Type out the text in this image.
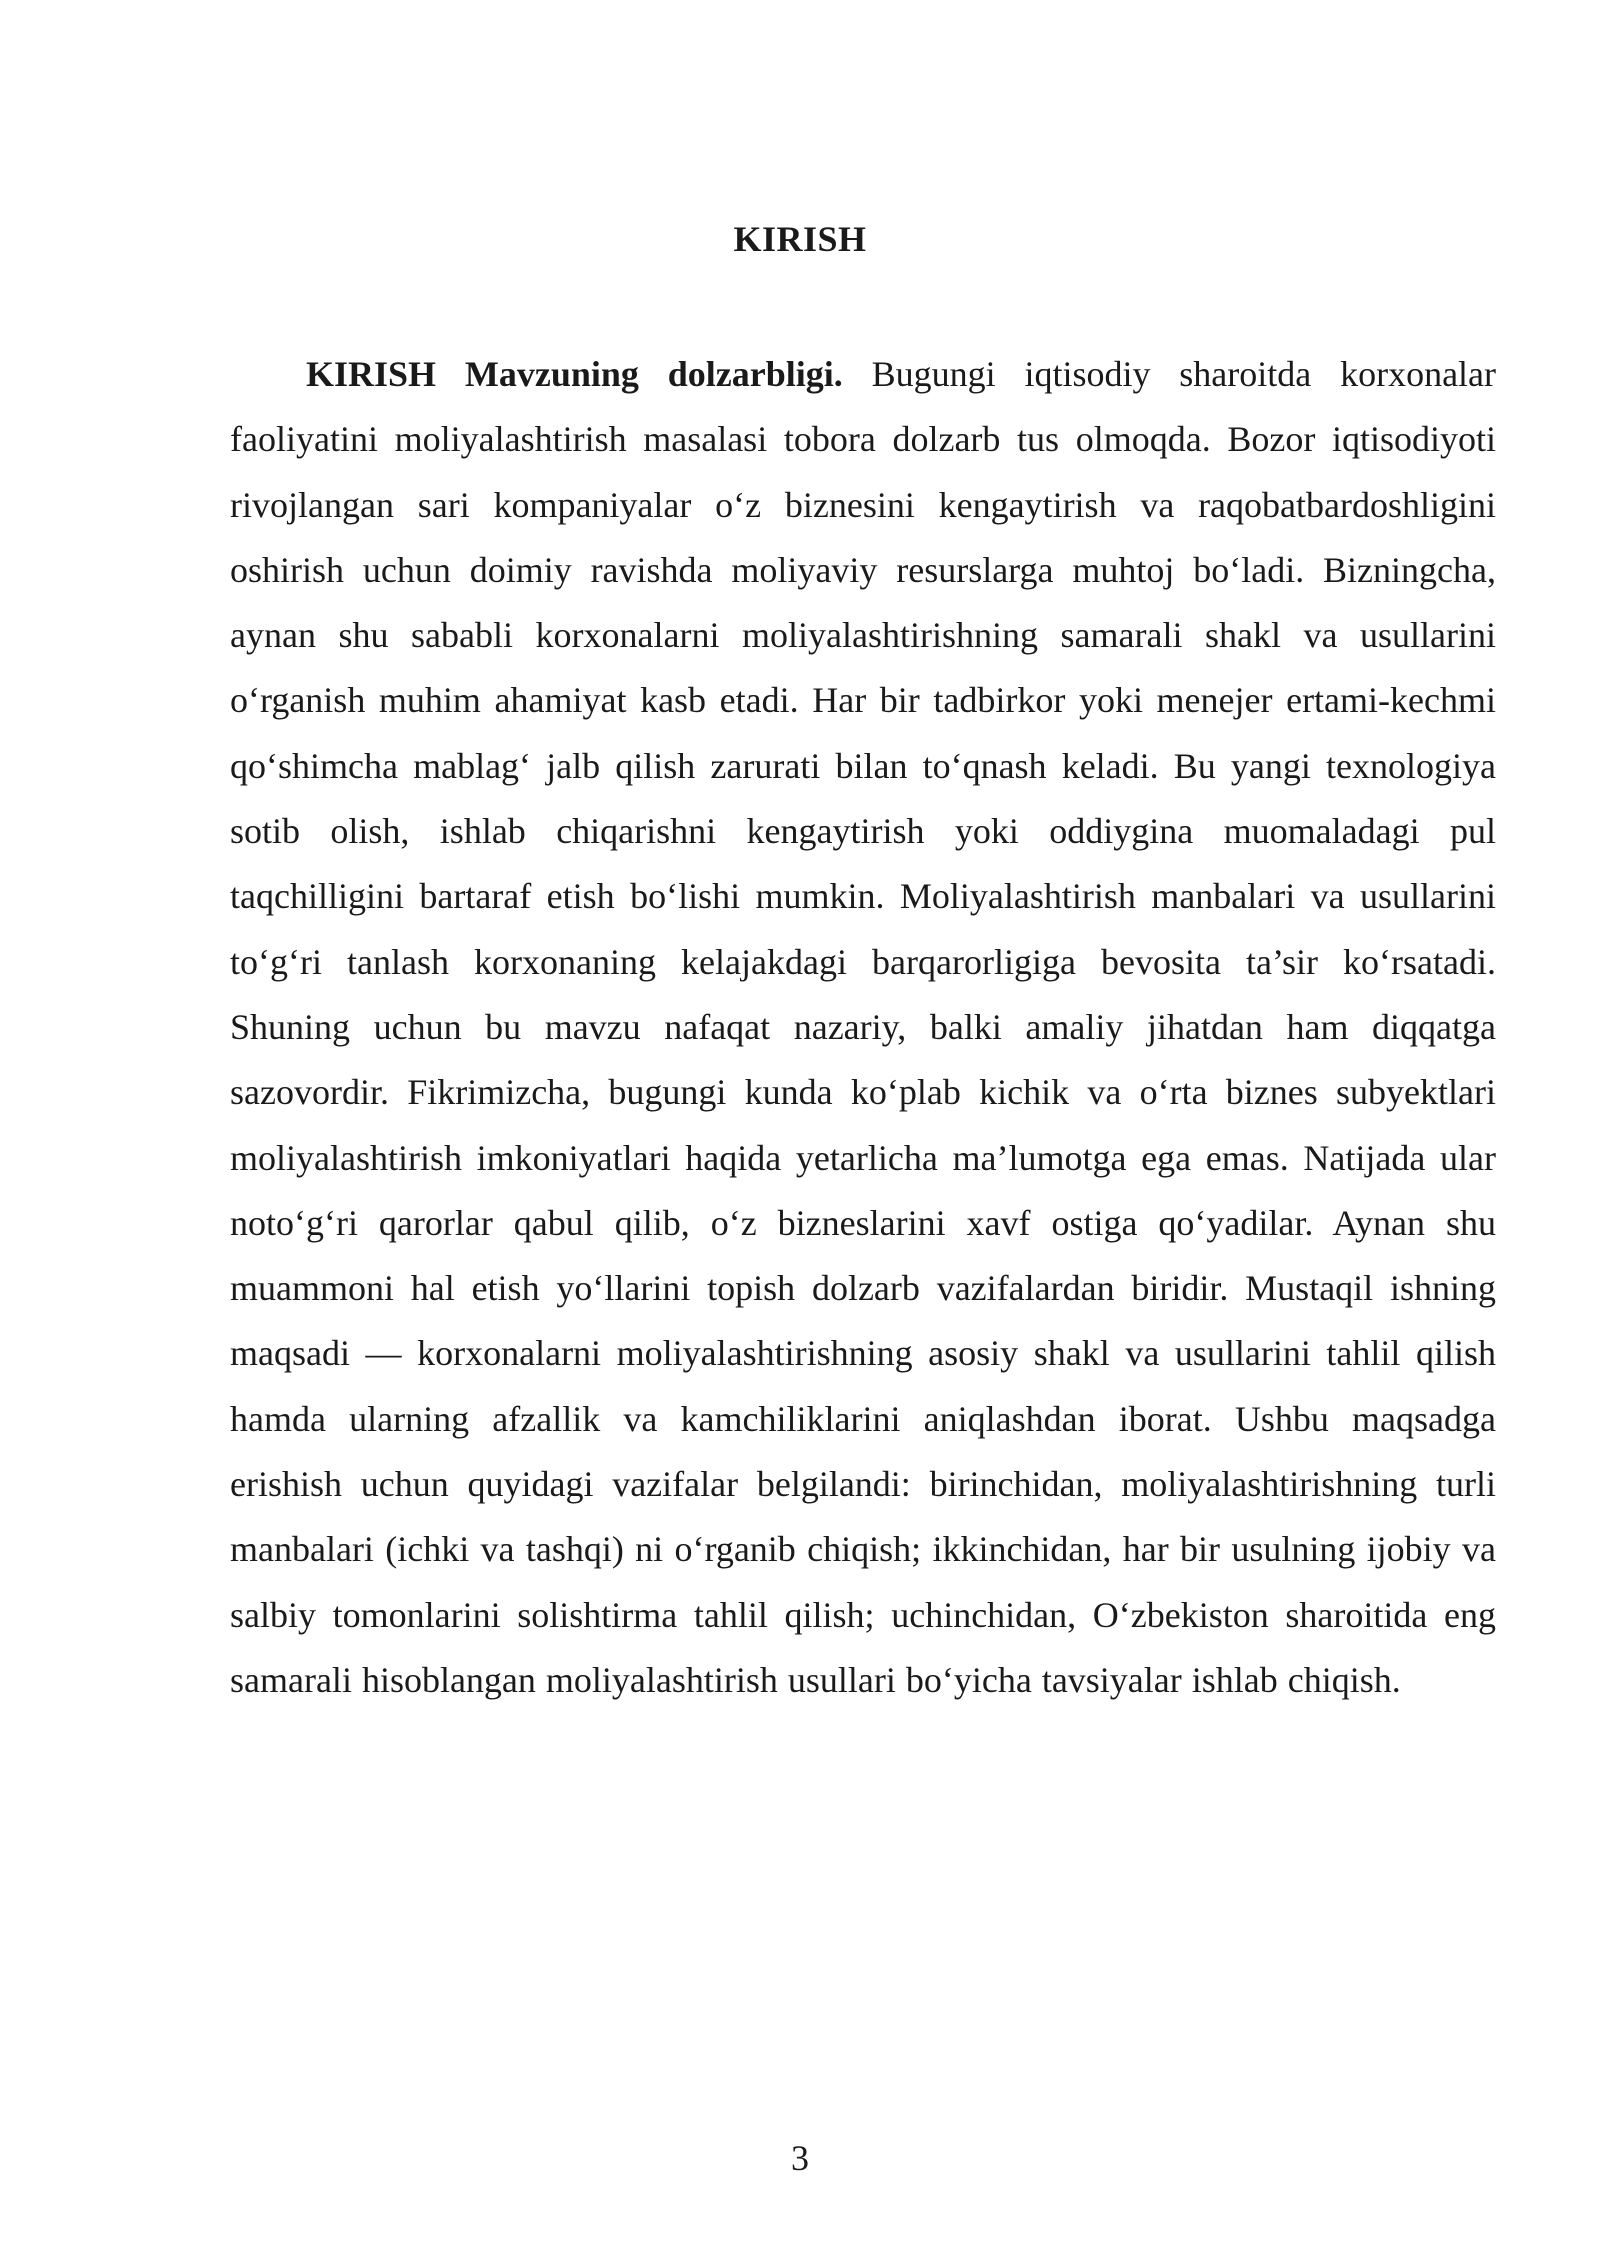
KIRISH

KIRISH Mavzuning dolzarbligi. Bugungi iqtisodiy sharoitda korxonalar faoliyatini moliyalashtirish masalasi tobora dolzarb tus olmoqda. Bozor iqtisodiyoti rivojlangan sari kompaniyalar o‘z biznesini kengaytirish va raqobatbardoshligini oshirish uchun doimiy ravishda moliyaviy resurslarga muhtoj bo‘ladi. Bizningcha, aynan shu sababli korxonalarni moliyalashtirishning samarali shakl va usullarini o‘rganish muhim ahamiyat kasb etadi. Har bir tadbirkor yoki menejer ertami-kechmi qo‘shimcha mablag‘ jalb qilish zarurati bilan to‘qnash keladi. Bu yangi texnologiya sotib olish, ishlab chiqarishni kengaytirish yoki oddiygina muomaladagi pul taqchilligini bartaraf etish bo‘lishi mumkin. Moliyalashtirish manbalari va usullarini to‘g‘ri tanlash korxonaning kelajakdagi barqarorligiga bevosita ta’sir ko‘rsatadi. Shuning uchun bu mavzu nafaqat nazariy, balki amaliy jihatdan ham diqqatga sazovordir. Fikrimizcha, bugungi kunda ko‘plab kichik va o‘rta biznes subyektlari moliyalashtirish imkoniyatlari haqida yetarlicha ma’lumotga ega emas. Natijada ular noto‘g‘ri qarorlar qabul qilib, o‘z bizneslarini xavf ostiga qo‘yadilar. Aynan shu muammoni hal etish yo‘llarini topish dolzarb vazifalardan biridir. Mustaqil ishning maqsadi — korxonalarni moliyalashtirishning asosiy shakl va usullarini tahlil qilish hamda ularning afzallik va kamchiliklarini aniqlashdan iborat. Ushbu maqsadga erishish uchun quyidagi vazifalar belgilandi: birinchidan, moliyalashtirishning turli manbalari (ichki va tashqi) ni o‘rganib chiqish; ikkinchidan, har bir usulning ijobiy va salbiy tomonlarini solishtirma tahlil qilish; uchinchidan, O‘zbekiston sharoitida eng samarali hisoblangan moliyalashtirish usullari bo‘yicha tavsiyalar ishlab chiqish.

3
